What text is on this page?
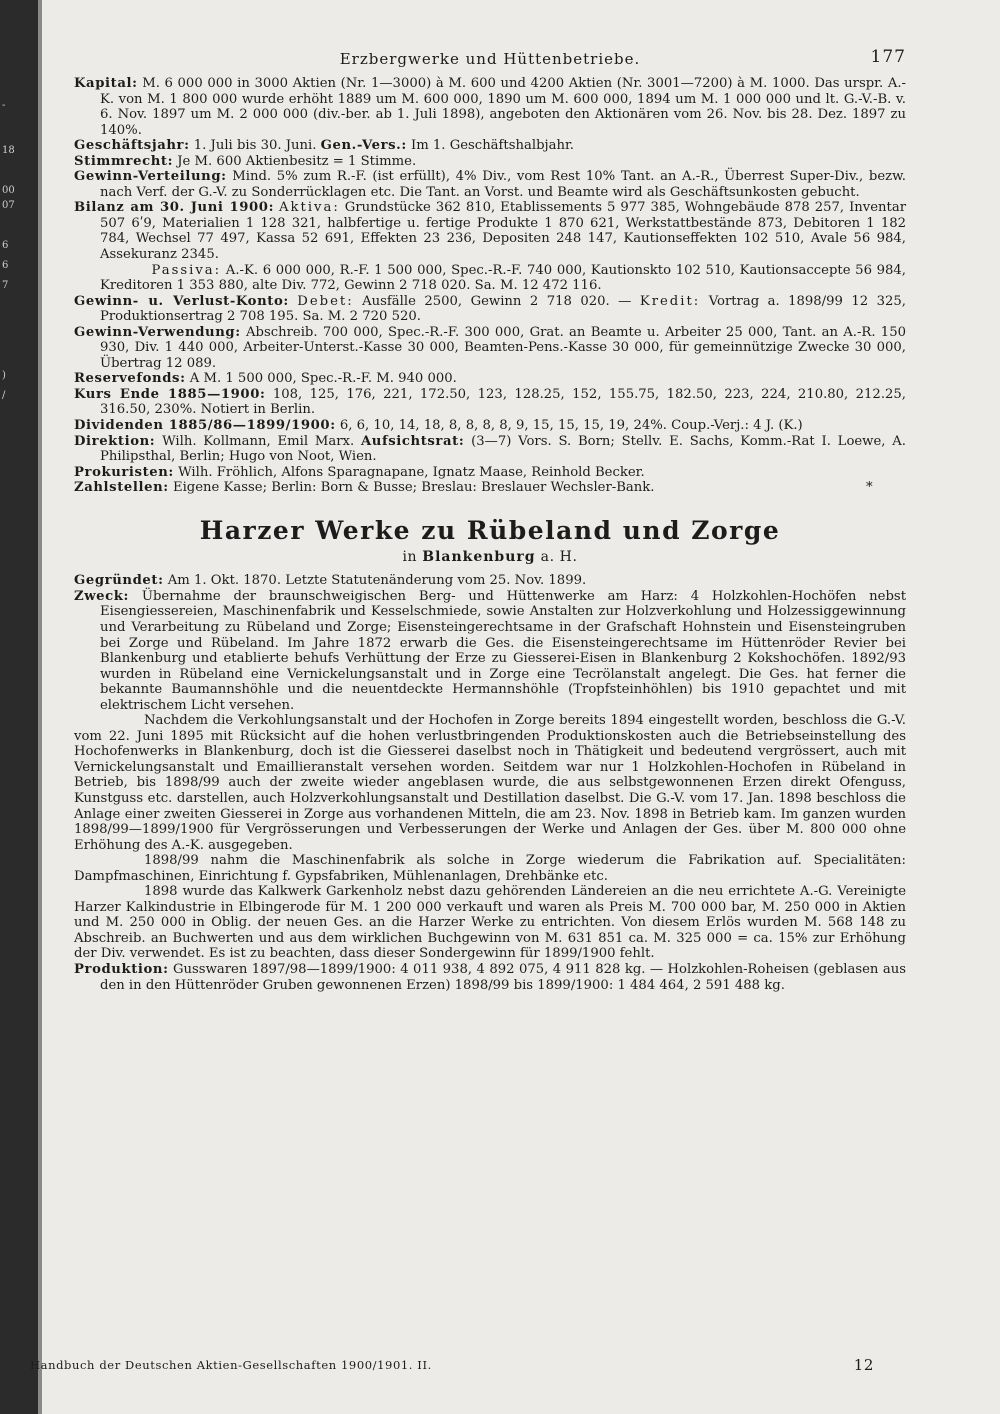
-
18
00
07
6
6
7
)
/
Erzbergwerke und Hüttenbetriebe.	177

Kapital: M. 6 000 000 in 3000 Aktien (Nr. 1—3000) à M. 600 und 4200 Aktien (Nr. 3001—7200) à M. 1000. Das urspr. A.-K. von M. 1 800 000 wurde erhöht 1889 um M. 600 000, 1890 um M. 600 000, 1894 um M. 1 000 000 und lt. G.-V.-B. v. 6. Nov. 1897 um M. 2 000 000 (div.-ber. ab 1. Juli 1898), angeboten den Aktionären vom 26. Nov. bis 28. Dez. 1897 zu 140%.

Geschäftsjahr: 1. Juli bis 30. Juni. Gen.-Vers.: Im 1. Geschäftshalbjahr.

Stimmrecht: Je M. 600 Aktienbesitz = 1 Stimme.

Gewinn-Verteilung: Mind. 5% zum R.-F. (ist erfüllt), 4% Div., vom Rest 10% Tant. an A.-R., Überrest Super-Div., bezw. nach Verf. der G.-V. zu Sonderrücklagen etc. Die Tant. an Vorst. und Beamte wird als Geschäftsunkosten gebucht.

Bilanz am 30. Juni 1900: Aktiva: Grundstücke 362 810, Etablissements 5 977 385, Wohngebäude 878 257, Inventar 507 6ʹ9, Materialien 1 128 321, halbfertige u. fertige Produkte 1 870 621, Werkstattbestände 873, Debitoren 1 182 784, Wechsel 77 497, Kassa 52 691, Effekten 23 236, Depositen 248 147, Kautionseffekten 102 510, Avale 56 984, Assekuranz 2345.
Passiva: A.-K. 6 000 000, R.-F. 1 500 000, Spec.-R.-F. 740 000, Kautionskto 102 510, Kautionsaccepte 56 984, Kreditoren 1 353 880, alte Div. 772, Gewinn 2 718 020. Sa. M. 12 472 116.

Gewinn- u. Verlust-Konto: Debet: Ausfälle 2500, Gewinn 2 718 020. — Kredit: Vortrag a. 1898/99 12 325, Produktionsertrag 2 708 195. Sa. M. 2 720 520.

Gewinn-Verwendung: Abschreib. 700 000, Spec.-R.-F. 300 000, Grat. an Beamte u. Arbeiter 25 000, Tant. an A.-R. 150 930, Div. 1 440 000, Arbeiter-Unterst.-Kasse 30 000, Beamten-Pens.-Kasse 30 000, für gemeinnützige Zwecke 30 000, Übertrag 12 089.

Reservefonds: A M. 1 500 000, Spec.-R.-F. M. 940 000.

Kurs Ende 1885—1900: 108, 125, 176, 221, 172.50, 123, 128.25, 152, 155.75, 182.50, 223, 224, 210.80, 212.25, 316.50, 230%. Notiert in Berlin.

Dividenden 1885/86—1899/1900: 6, 6, 10, 14, 18, 8, 8, 8, 8, 9, 15, 15, 15, 19, 24%. Coup.-Verj.: 4 J. (K.)

Direktion: Wilh. Kollmann, Emil Marx. Aufsichtsrat: (3—7) Vors. S. Born; Stellv. E. Sachs, Komm.-Rat I. Loewe, A. Philipsthal, Berlin; Hugo von Noot, Wien.

Prokuristen: Wilh. Fröhlich, Alfons Sparagnapane, Ignatz Maase, Reinhold Becker.

*
Zahlstellen: Eigene Kasse; Berlin: Born & Busse; Breslau: Breslauer Wechsler-Bank.

Harzer Werke zu Rübeland und Zorge
in Blankenburg a. H.

Gegründet: Am 1. Okt. 1870. Letzte Statutenänderung vom 25. Nov. 1899.

Zweck: Übernahme der braunschweigischen Berg- und Hüttenwerke am Harz: 4 Holzkohlen-Hochöfen nebst Eisengiessereien, Maschinenfabrik und Kesselschmiede, sowie Anstalten zur Holzverkohlung und Holzessiggewinnung und Verarbeitung zu Rübeland und Zorge; Eisensteingerechtsame in der Grafschaft Hohnstein und Eisensteingruben bei Zorge und Rübeland. Im Jahre 1872 erwarb die Ges. die Eisensteingerechtsame im Hüttenröder Revier bei Blankenburg und etablierte behufs Verhüttung der Erze zu Giesserei-Eisen in Blankenburg 2 Kokshochöfen. 1892/93 wurden in Rübeland eine Vernickelungsanstalt und in Zorge eine Tecrölanstalt angelegt. Die Ges. hat ferner die bekannte Baumannshöhle und die neuentdeckte Hermannshöhle (Tropfsteinhöhlen) bis 1910 gepachtet und mit elektrischem Licht versehen.

Nachdem die Verkohlungsanstalt und der Hochofen in Zorge bereits 1894 eingestellt worden, beschloss die G.-V. vom 22. Juni 1895 mit Rücksicht auf die hohen verlustbringenden Produktionskosten auch die Betriebseinstellung des Hochofenwerks in Blankenburg, doch ist die Giesserei daselbst noch in Thätigkeit und bedeutend vergrössert, auch mit Vernickelungsanstalt und Emaillieranstalt versehen worden. Seitdem war nur 1 Holzkohlen-Hochofen in Rübeland in Betrieb, bis 1898/99 auch der zweite wieder angeblasen wurde, die aus selbstgewonnenen Erzen direkt Ofenguss, Kunstguss etc. darstellen, auch Holzverkohlungsanstalt und Destillation daselbst. Die G.-V. vom 17. Jan. 1898 beschloss die Anlage einer zweiten Giesserei in Zorge aus vorhandenen Mitteln, die am 23. Nov. 1898 in Betrieb kam. Im ganzen wurden 1898/99—1899/1900 für Vergrösserungen und Verbesserungen der Werke und Anlagen der Ges. über M. 800 000 ohne Erhöhung des A.-K. ausgegeben.

1898/99 nahm die Maschinenfabrik als solche in Zorge wiederum die Fabrikation auf. Specialitäten: Dampfmaschinen, Einrichtung f. Gypsfabriken, Mühlenanlagen, Drehbänke etc.

1898 wurde das Kalkwerk Garkenholz nebst dazu gehörenden Ländereien an die neu errichtete A.-G. Vereinigte Harzer Kalkindustrie in Elbingerode für M. 1 200 000 verkauft und waren als Preis M. 700 000 bar, M. 250 000 in Aktien und M. 250 000 in Oblig. der neuen Ges. an die Harzer Werke zu entrichten. Von diesem Erlös wurden M. 568 148 zu Abschreib. an Buchwerten und aus dem wirklichen Buchgewinn von M. 631 851 ca. M. 325 000 = ca. 15% zur Erhöhung der Div. verwendet. Es ist zu beachten, dass dieser Sondergewinn für 1899/1900 fehlt.

Produktion: Gusswaren 1897/98—1899/1900: 4 011 938, 4 892 075, 4 911 828 kg. — Holzkohlen-Roheisen (geblasen aus den in den Hüttenröder Gruben gewonnenen Erzen) 1898/99 bis 1899/1900: 1 484 464, 2 591 488 kg.

Handbuch der Deutschen Aktien-Gesellschaften 1900/1901. II.	12
